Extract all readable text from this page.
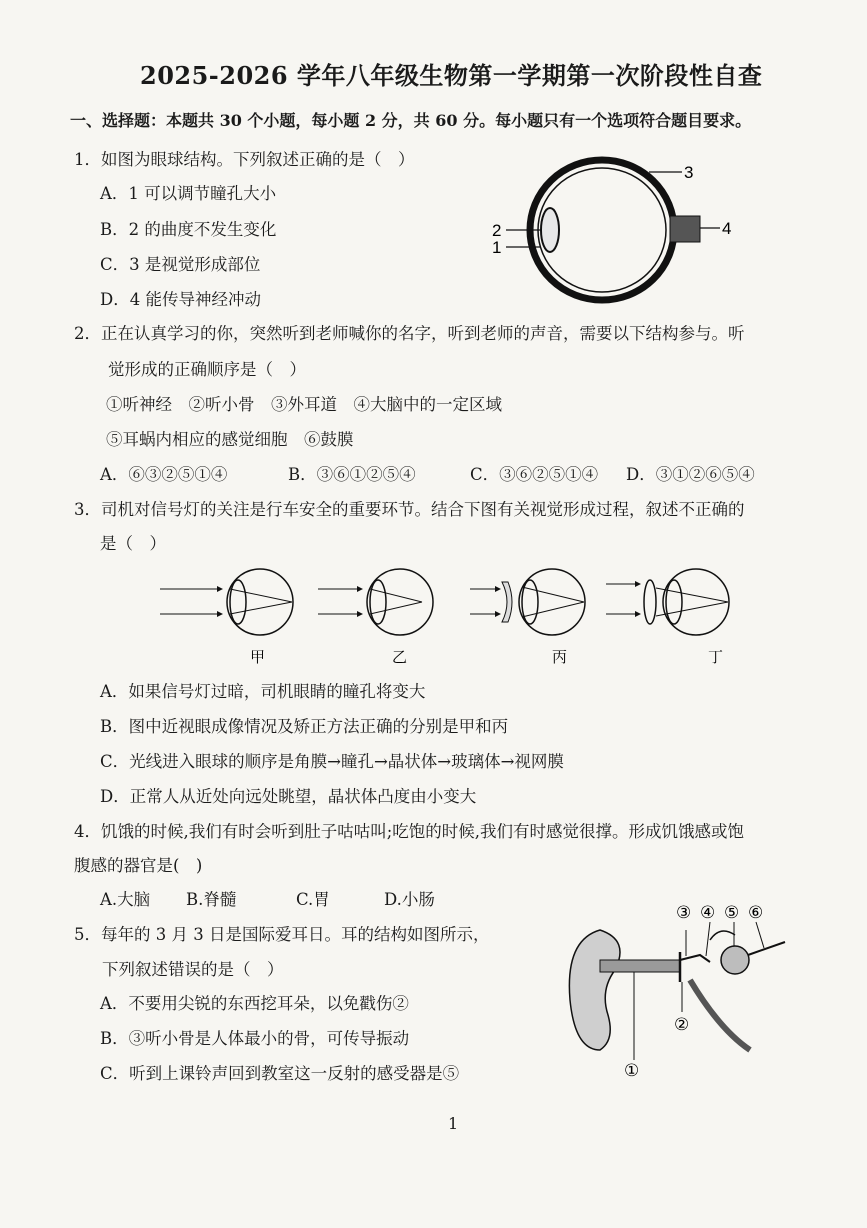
2025-2026 学年八年级生物第一学期第一次阶段性自查
一、选择题：本题共 30 个小题，每小题 2 分，共 60 分。每小题只有一个选项符合题目要求。
1．如图为眼球结构。下列叙述正确的是（　）
A．1 可以调节瞳孔大小
B．2 的曲度不发生变化
C．3 是视觉形成部位
D．4 能传导神经冲动
3
4
2
1
2．正在认真学习的你，突然听到老师喊你的名字，听到老师的声音，需要以下结构参与。听
觉形成的正确顺序是（　）
①听神经　②听小骨　③外耳道　④大脑中的一定区域
⑤耳蜗内相应的感觉细胞　⑥鼓膜
A．⑥③②⑤①④	B．③⑥①②⑤④	C．③⑥②⑤①④ D．③①②⑥⑤④
3．司机对信号灯的关注是行车安全的重要环节。结合下图有关视觉形成过程，叙述不正确的
是（　）
甲	乙	丙	丁
A．如果信号灯过暗，司机眼睛的瞳孔将变大
B．图中近视眼成像情况及矫正方法正确的分别是甲和丙
C．光线进入眼球的顺序是角膜→瞳孔→晶状体→玻璃体→视网膜
D．正常人从近处向远处眺望，晶状体凸度由小变大
4．饥饿的时候,我们有时会听到肚子咕咕叫;吃饱的时候,我们有时感觉很撑。形成饥饿感或饱
腹感的器官是(　)
A.大脑 B.脊髓	C.胃	D.小肠
5．每年的 3 月 3 日是国际爱耳日。耳的结构如图所示，
下列叙述错误的是（　）
A．不要用尖锐的东西挖耳朵，以免戳伤②
B．③听小骨是人体最小的骨，可传导振动
C．听到上课铃声回到教室这一反射的感受器是⑤
③ ④ ⑤ ⑥
②
①
1
